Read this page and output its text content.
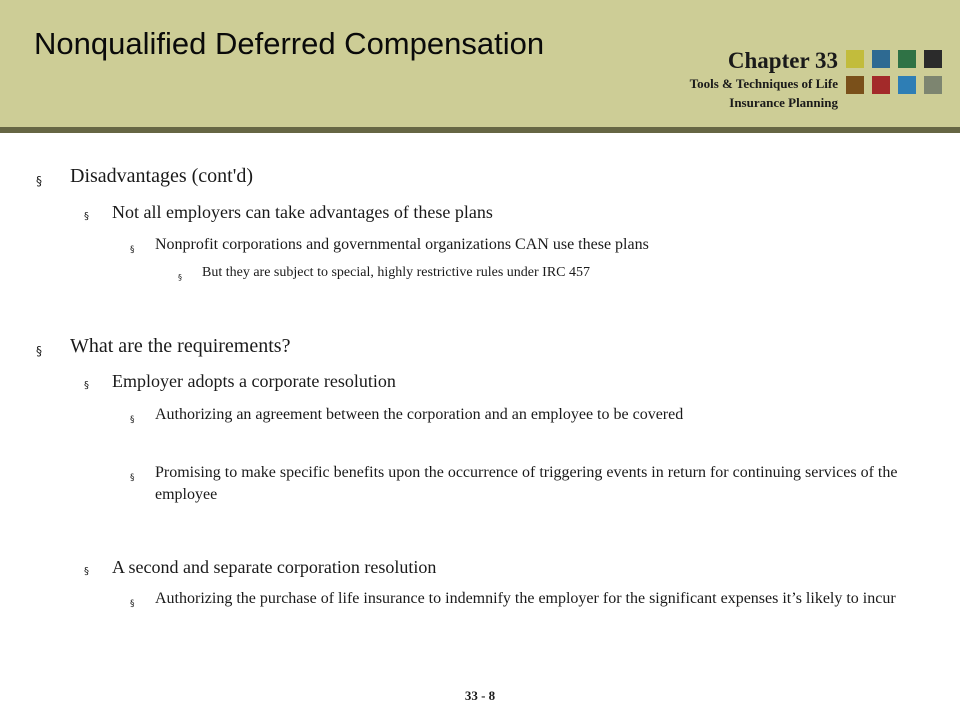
Nonqualified Deferred Compensation	Chapter 33
Tools & Techniques of Life
Insurance Planning
§	Disadvantages (cont'd)
§	Not all employers can take advantages of these plans
§	Nonprofit corporations and governmental organizations CAN use these plans
§	But they are subject to special, highly restrictive rules under IRC 457
§	What are the requirements?
§	Employer adopts a corporate resolution
§	Authorizing an agreement between the corporation and an employee to be covered
§	Promising to make specific benefits upon the occurrence of triggering events in return for continuing services of the employee
§	A second and separate corporation resolution
§	Authorizing the purchase of life insurance to indemnify the employer for the significant expenses it’s likely to incur
33 - 8
